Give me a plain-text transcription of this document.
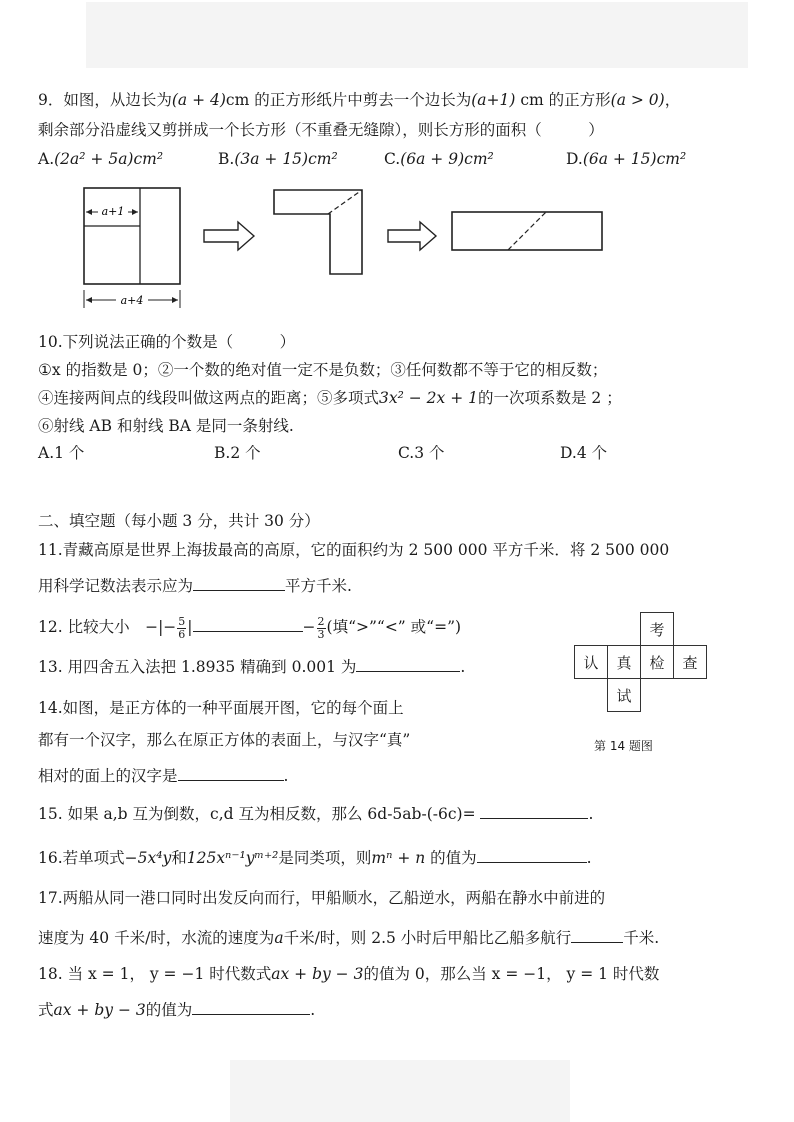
9．如图，从边长为(a + 4)cm 的正方形纸片中剪去一个边长为(a+1) cm 的正方形(a > 0)，
剩余部分沿虚线又剪拼成一个长方形（不重叠无缝隙），则长方形的面积（　　　）
A.(2a² + 5a)cm²	B.(3a + 15)cm²	C.(6a + 9)cm²	D.(6a + 15)cm²
a+1
a+4
10.下列说法正确的个数是（　　　）
①x 的指数是 0；②一个数的绝对值一定不是负数；③任何数都不等于它的相反数；
④连接两间点的线段叫做这两点的距离；⑤多项式3x² − 2x + 1的一次项系数是 2 ；
⑥射线 AB 和射线 BA 是同一条射线.
A.1 个	B.2 个	C.3 个	D.4 个
二、填空题（每小题 3 分，共计 30 分）
11.青藏高原是世界上海拔最高的高原，它的面积约为 2 500 000 平方千米．将 2 500 000
用科学记数法表示应为	平方千米.
12. 比较大小　−|− $\frac{5}{6}$ |	− $\frac{2}{3}$ (填“>”“<” 或“=”)
13. 用四舍五入法把 1.8935 精确到 0.001 为	.
14.如图，是正方体的一种平面展开图，它的每个面上
都有一个汉字，那么在原正方体的表面上，与汉字“真”
相对的面上的汉字是	.
考
认	真	检	查
试
第 14 题图
15. 如果 a,b 互为倒数，c,d 互为相反数，那么 6d-5ab-(-6c)=	.
16.若单项式−5x⁴y和125xⁿ⁻¹yᵐ⁺²是同类项，则mⁿ + n 的值为	.
17.两船从同一港口同时出发反向而行，甲船顺水，乙船逆水，两船在静水中前进的
速度为 40 千米/时，水流的速度为a千米/时，则 2.5 小时后甲船比乙船多航行	千米.
18. 当 x = 1， y = −1 时代数式ax + by − 3的值为 0，那么当 x = −1， y = 1 时代数
式ax + by − 3的值为	.
